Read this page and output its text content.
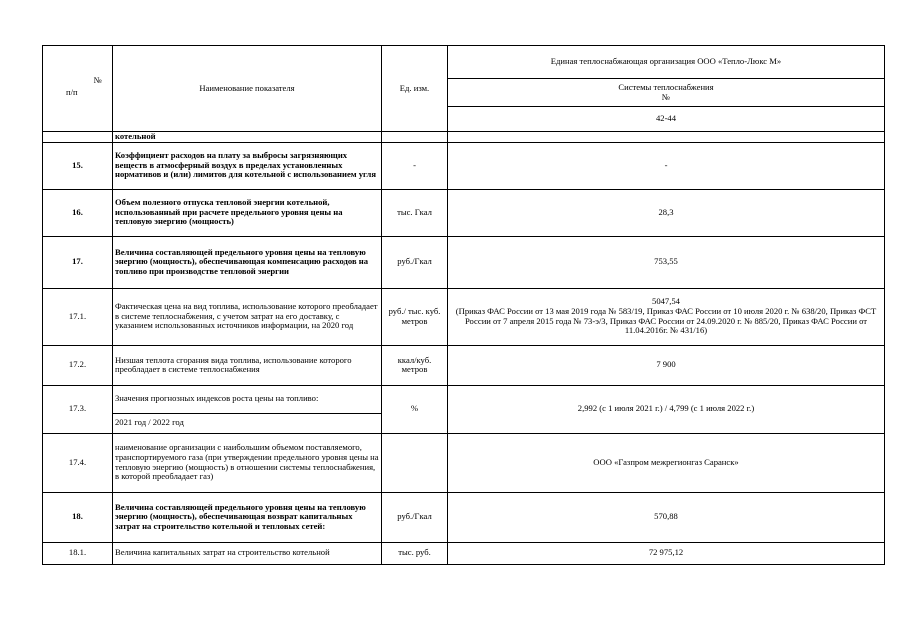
№
п/п	Наименование показателя	Ед. изм.	Единая теплоснабжающая организация ООО «Тепло-Люкс М»

			Системы теплоснабжения
№

			42-44
	котельной		
15.	Коэффициент расходов на плату за выбросы загрязняющих веществ в атмосферный воздух в пределах установленных нормативов и (или) лимитов для котельной с использованием угля	-	-
16.	Объем полезного отпуска тепловой энергии котельной, использованный при расчете предельного уровня цены на тепловую энергию (мощность)	тыс. Гкал	28,3
17.	Величина составляющей предельного уровня цены на тепловую энергию (мощность), обеспечивающая компенсацию расходов на топливо при производстве тепловой энергии	руб./Гкал	753,55
17.1.	Фактическая цена на вид топлива, использование которого преобладает в системе теплоснабжения, с учетом затрат на его доставку, с указанием использованных источников информации, на 2020 год	руб./ тыс. куб. метров	5047,54
(Приказ ФАС России от 13 мая 2019 года № 583/19, Приказ ФАС России от 10 июля 2020 г. № 638/20, Приказ ФСТ России от 7 апреля 2015 года № 73-э/3, Приказ ФАС России от 24.09.2020 г. № 885/20, Приказ ФАС России от 11.04.2016г. № 431/16)

17.2.	Низшая теплота сгорания вида топлива, использование которого преобладает в системе теплоснабжения	ккал/куб. метров	7 900
17.3.	Значения прогнозных индексов роста цены на топливо:	%	2,992 (с 1 июля 2021 г.) / 4,799 (с 1 июля 2022 г.)
	2021 год / 2022 год		
17.4.	наименование организации с наибольшим объемом поставляемого, транспортируемого газа (при утверждении предельного уровня цены на тепловую энергию (мощность) в отношении системы теплоснабжения, в которой преобладает газ)		ООО «Газпром межрегионгаз Саранск»
18.	Величина составляющей предельного уровня цены на тепловую энергию (мощность), обеспечивающая возврат капитальных затрат на строительство котельной и тепловых сетей:	руб./Гкал	570,88
18.1.	Величина капитальных затрат на строительство котельной	тыс. руб.	72 975,12
